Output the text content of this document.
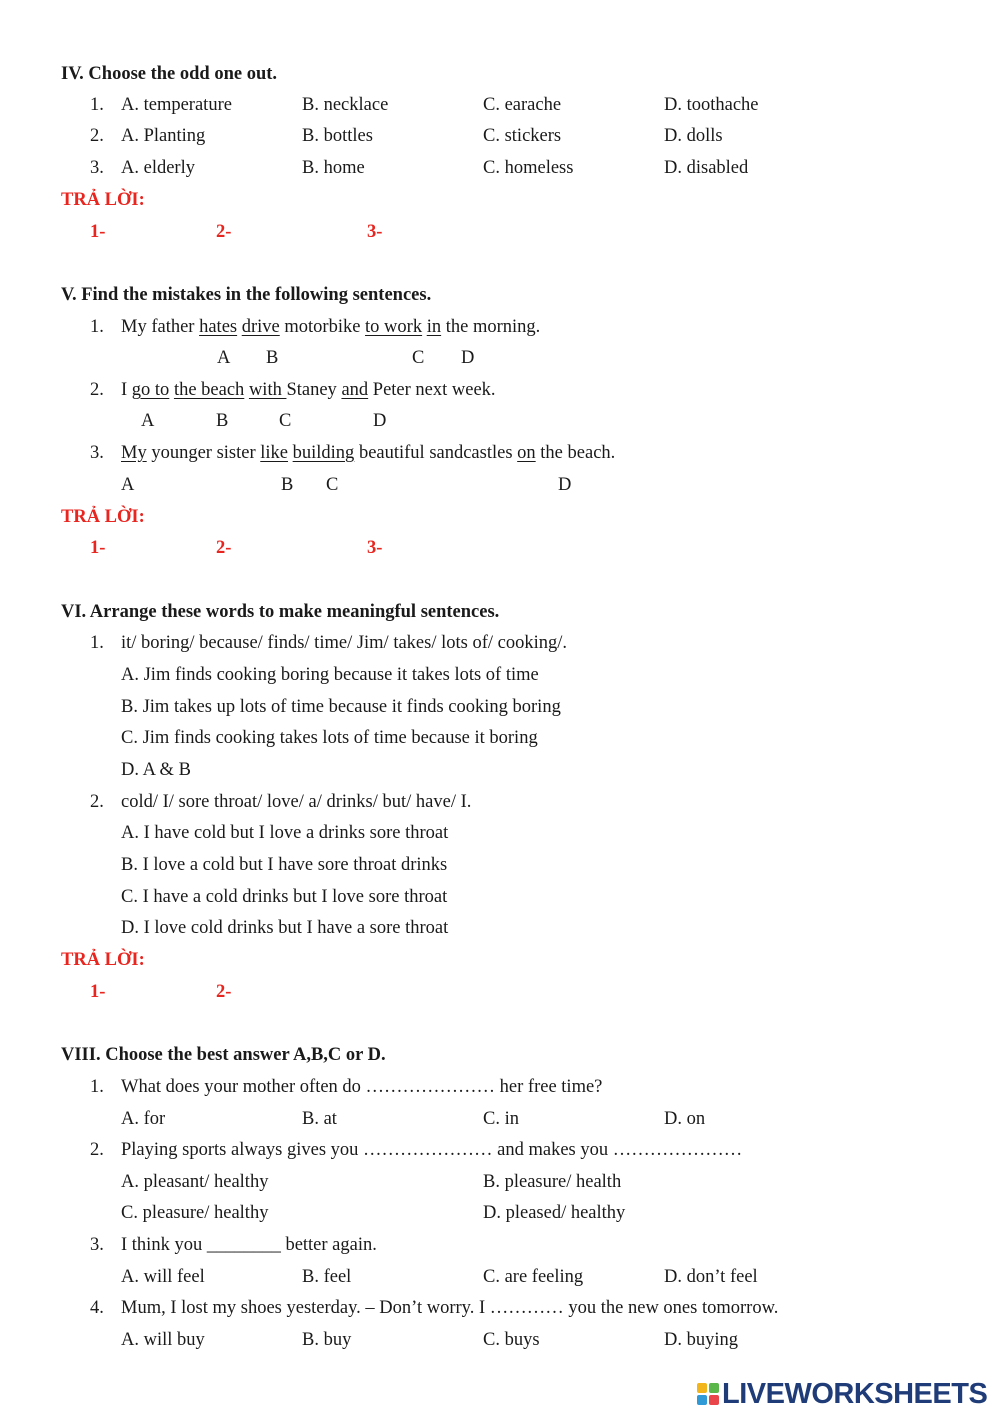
IV. Choose the odd one out.
1. A. temperature	B. necklace	C. earache	D. toothache
2. A. Planting	B. bottles	C. stickers	D. dolls
3. A. elderly	B. home	C. homeless	D. disabled
TRẢ LỜI:
1-	2-	3-
V. Find the mistakes in the following sentences.
1. My father hates drive motorbike to work in the morning.
A B	C D
2. I go to the beach with Staney and Peter next week.
A	B	C	D
3. My younger sister like building beautiful sandcastles on the beach.
A	B C	D
TRẢ LỜI:
1-	2-	3-
VI. Arrange these words to make meaningful sentences.
1. it/ boring/ because/ finds/ time/ Jim/ takes/ lots of/ cooking/.
A. Jim finds cooking boring because it takes lots of time
B. Jim takes up lots of time because it finds cooking boring
C. Jim finds cooking takes lots of time because it boring
D. A & B
2. cold/ I/ sore throat/ love/ a/ drinks/ but/ have/ I.
A. I have cold but I love a drinks sore throat
B. I love a cold but I have sore throat drinks
C. I have a cold drinks but I love sore throat
D. I love cold drinks but I have a sore throat
TRẢ LỜI:
1-	2-
VIII. Choose the best answer A,B,C or D.
1. What does your mother often do ………………… her free time?
A. for	B. at	C. in	D. on
2. Playing sports always gives you ………………… and makes you …………………
A. pleasant/ healthy	B. pleasure/ health
C. pleasure/ healthy	D. pleased/ healthy
3. I think you ________ better again.
A. will feel	B. feel	C. are feeling	D. don’t feel
4. Mum, I lost my shoes yesterday. – Don’t worry. I ………… you the new ones tomorrow.
A. will buy	B. buy	C. buys	D. buying
LIVEWORKSHEETS
